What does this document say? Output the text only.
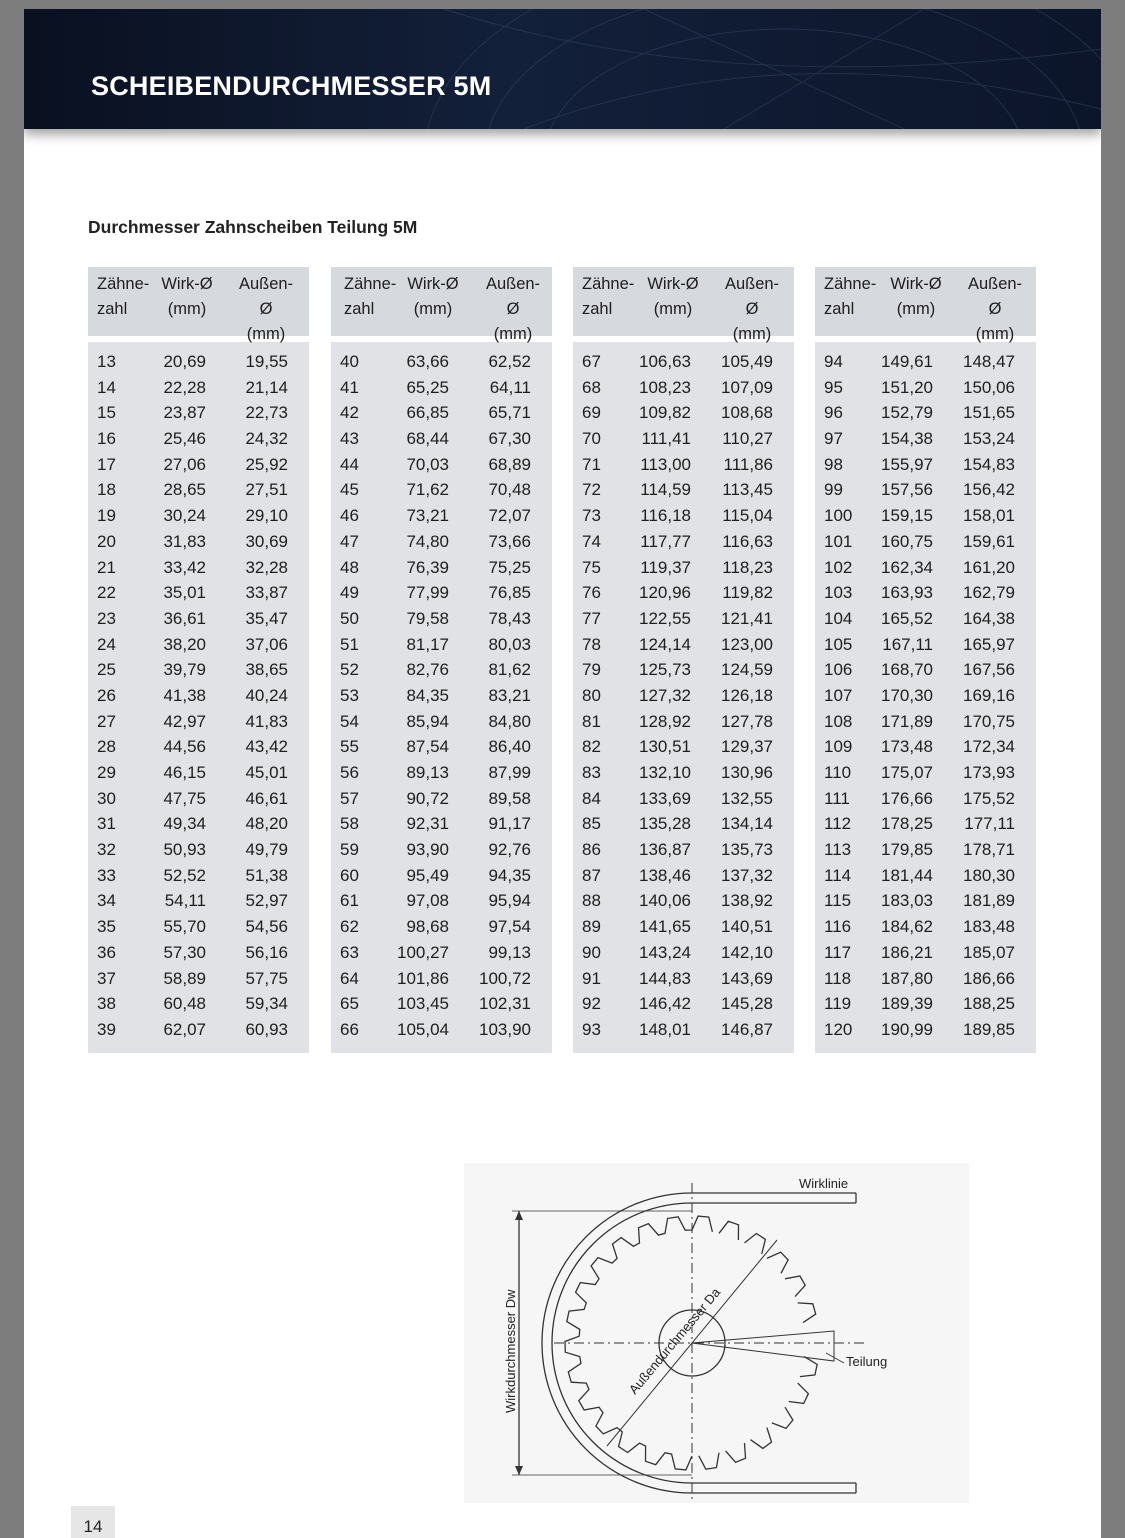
SCHEIBENDURCHMESSER 5M
Durchmesser Zahnscheiben Teilung 5M
Zähne-
zahl
Wirk-Ø
(mm)
Außen-Ø
(mm)
13	20,69 19,55
14	22,28 21,14
15	23,87 22,73
16	25,46 24,32
17	27,06 25,92
18	28,65 27,51
19	30,24 29,10
20	31,83 30,69
21	33,42 32,28
22	35,01 33,87
23	36,61 35,47
24	38,20 37,06
25	39,79 38,65
26	41,38 40,24
27	42,97 41,83
28	44,56 43,42
29	46,15 45,01
30	47,75 46,61
31	49,34 48,20
32	50,93 49,79
33	52,52 51,38
34	54,11 52,97
35	55,70 54,56
36	57,30 56,16
37	58,89 57,75
38	60,48 59,34
39	62,07 60,93
Zähne-
zahl
Wirk-Ø
(mm)
Außen-Ø
(mm)
40	63,66 62,52
41	65,25 64,11
42	66,85 65,71
43	68,44 67,30
44	70,03 68,89
45	71,62 70,48
46	73,21 72,07
47	74,80 73,66
48	76,39 75,25
49	77,99 76,85
50	79,58 78,43
51	81,17 80,03
52	82,76 81,62
53	84,35 83,21
54	85,94 84,80
55	87,54 86,40
56	89,13 87,99
57	90,72 89,58
58	92,31 91,17
59	93,90 92,76
60	95,49 94,35
61	97,08 95,94
62	98,68 97,54
63 100,27 99,13
64 101,86 100,72
65 103,45 102,31
66 105,04 103,90
Zähne-
zahl
Wirk-Ø
(mm)
Außen-Ø
(mm)
67 106,63 105,49
68 108,23 107,09
69 109,82 108,68
70 111,41 110,27
71 113,00 111,86
72 114,59 113,45
73 116,18 115,04
74 117,77 116,63
75 119,37 118,23
76 120,96 119,82
77 122,55 121,41
78 124,14 123,00
79 125,73 124,59
80 127,32 126,18
81 128,92 127,78
82 130,51 129,37
83 132,10 130,96
84 133,69 132,55
85 135,28 134,14
86 136,87 135,73
87 138,46 137,32
88 140,06 138,92
89 141,65 140,51
90 143,24 142,10
91 144,83 143,69
92 146,42 145,28
93 148,01 146,87
Zähne-
zahl
Wirk-Ø
(mm)
Außen-Ø
(mm)
94 149,61 148,47
95 151,20 150,06
96 152,79 151,65
97 154,38 153,24
98 155,97 154,83
99 157,56 156,42
100 159,15 158,01
101 160,75 159,61
102 162,34 161,20
103 163,93 162,79
104 165,52 164,38
105 167,11 165,97
106 168,70 167,56
107 170,30 169,16
108 171,89 170,75
109 173,48 172,34
110 175,07 173,93
111 176,66 175,52
112 178,25 177,11
113 179,85 178,71
114 181,44 180,30
115 183,03 181,89
116 184,62 183,48
117 186,21 185,07
118 187,80 186,66
119 189,39 188,25
120 190,99 189,85
Wirklinie
Teilung
Wirkdurchmesser Dw	Außendurchmesser Da
14
